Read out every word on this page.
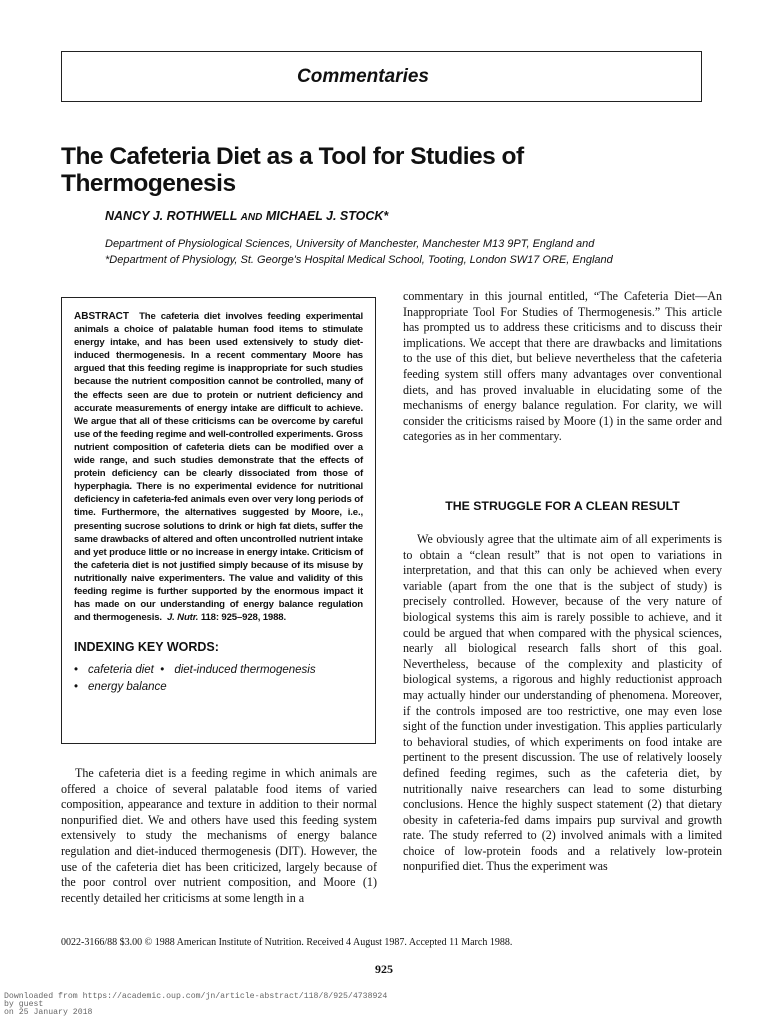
Commentaries
The Cafeteria Diet as a Tool for Studies of Thermogenesis
NANCY J. ROTHWELL AND MICHAEL J. STOCK*
Department of Physiological Sciences, University of Manchester, Manchester M13 9PT, England and
*Department of Physiology, St. George's Hospital Medical School, Tooting, London SW17 ORE, England

ABSTRACT The cafeteria diet involves feeding experimental animals a choice of palatable human food items to stimulate energy intake, and has been used extensively to study diet-induced thermogenesis. In a recent commentary Moore has argued that this feeding regime is inappropriate for such studies because the nutrient composition cannot be controlled, many of the effects seen are due to protein or nutrient deficiency and accurate measurements of energy intake are difficult to achieve. We argue that all of these criticisms can be overcome by careful use of the feeding regime and well-controlled experiments. Gross nutrient composition of cafeteria diets can be modified over a wide range, and such studies demonstrate that the effects of protein deficiency can be clearly dissociated from those of hyperphagia. There is no experimental evidence for nutritional deficiency in cafeteria-fed animals even over very long periods of time. Furthermore, the alternatives suggested by Moore, i.e., presenting sucrose solutions to drink or high fat diets, suffer the same drawbacks of altered and often uncontrolled nutrient intake and yet produce little or no increase in energy intake. Criticism of the cafeteria diet is not justified simply because of its misuse by nutritionally naive experimenters. The value and validity of this feeding regime is further supported by the enormous impact it has made on our understanding of energy balance regulation and thermogenesis. J. Nutr. 118: 925–928, 1988.

INDEXING KEY WORDS:
• cafeteria diet • diet-induced thermogenesis
• energy balance

The cafeteria diet is a feeding regime in which animals are offered a choice of several palatable food items of varied composition, appearance and texture in addition to their normal nonpurified diet. We and others have used this feeding system extensively to study the mechanisms of energy balance regulation and diet-induced thermogenesis (DIT). However, the use of the cafeteria diet has been criticized, largely because of the poor control over nutrient composition, and Moore (1) recently detailed her criticisms at some length in a

commentary in this journal entitled, “The Cafeteria Diet—An Inappropriate Tool For Studies of Thermogenesis.” This article has prompted us to address these criticisms and to discuss their implications. We accept that there are drawbacks and limitations to the use of this diet, but believe nevertheless that the cafeteria feeding system still offers many advantages over conventional diets, and has proved invaluable in elucidating some of the mechanisms of energy balance regulation. For clarity, we will consider the criticisms raised by Moore (1) in the same order and categories as in her commentary.

THE STRUGGLE FOR A CLEAN RESULT

We obviously agree that the ultimate aim of all experiments is to obtain a “clean result” that is not open to variations in interpretation, and that this can only be achieved when every variable (apart from the one that is the subject of study) is precisely controlled. However, because of the very nature of biological systems this aim is rarely possible to achieve, and it could be argued that when compared with the physical sciences, nearly all biological research falls short of this goal. Nevertheless, because of the complexity and plasticity of biological systems, a rigorous and highly reductionist approach may actually hinder our understanding of phenomena. Moreover, if the controls imposed are too restrictive, one may even lose sight of the function under investigation. This applies particularly to behavioral studies, of which experiments on food intake are pertinent to the present discussion. The use of relatively loosely defined feeding regimes, such as the cafeteria diet, by nutritionally naive researchers can lead to some disturbing conclusions. Hence the highly suspect statement (2) that dietary obesity in cafeteria-fed dams impairs pup survival and growth rate. The study referred to (2) involved animals with a limited choice of low-protein foods and a relatively low-protein nonpurified diet. Thus the experiment was

0022-3166/88 $3.00 © 1988 American Institute of Nutrition. Received 4 August 1987. Accepted 11 March 1988.

925
Downloaded from https://academic.oup.com/jn/article-abstract/118/8/925/4738924
by guest
on 25 January 2018
